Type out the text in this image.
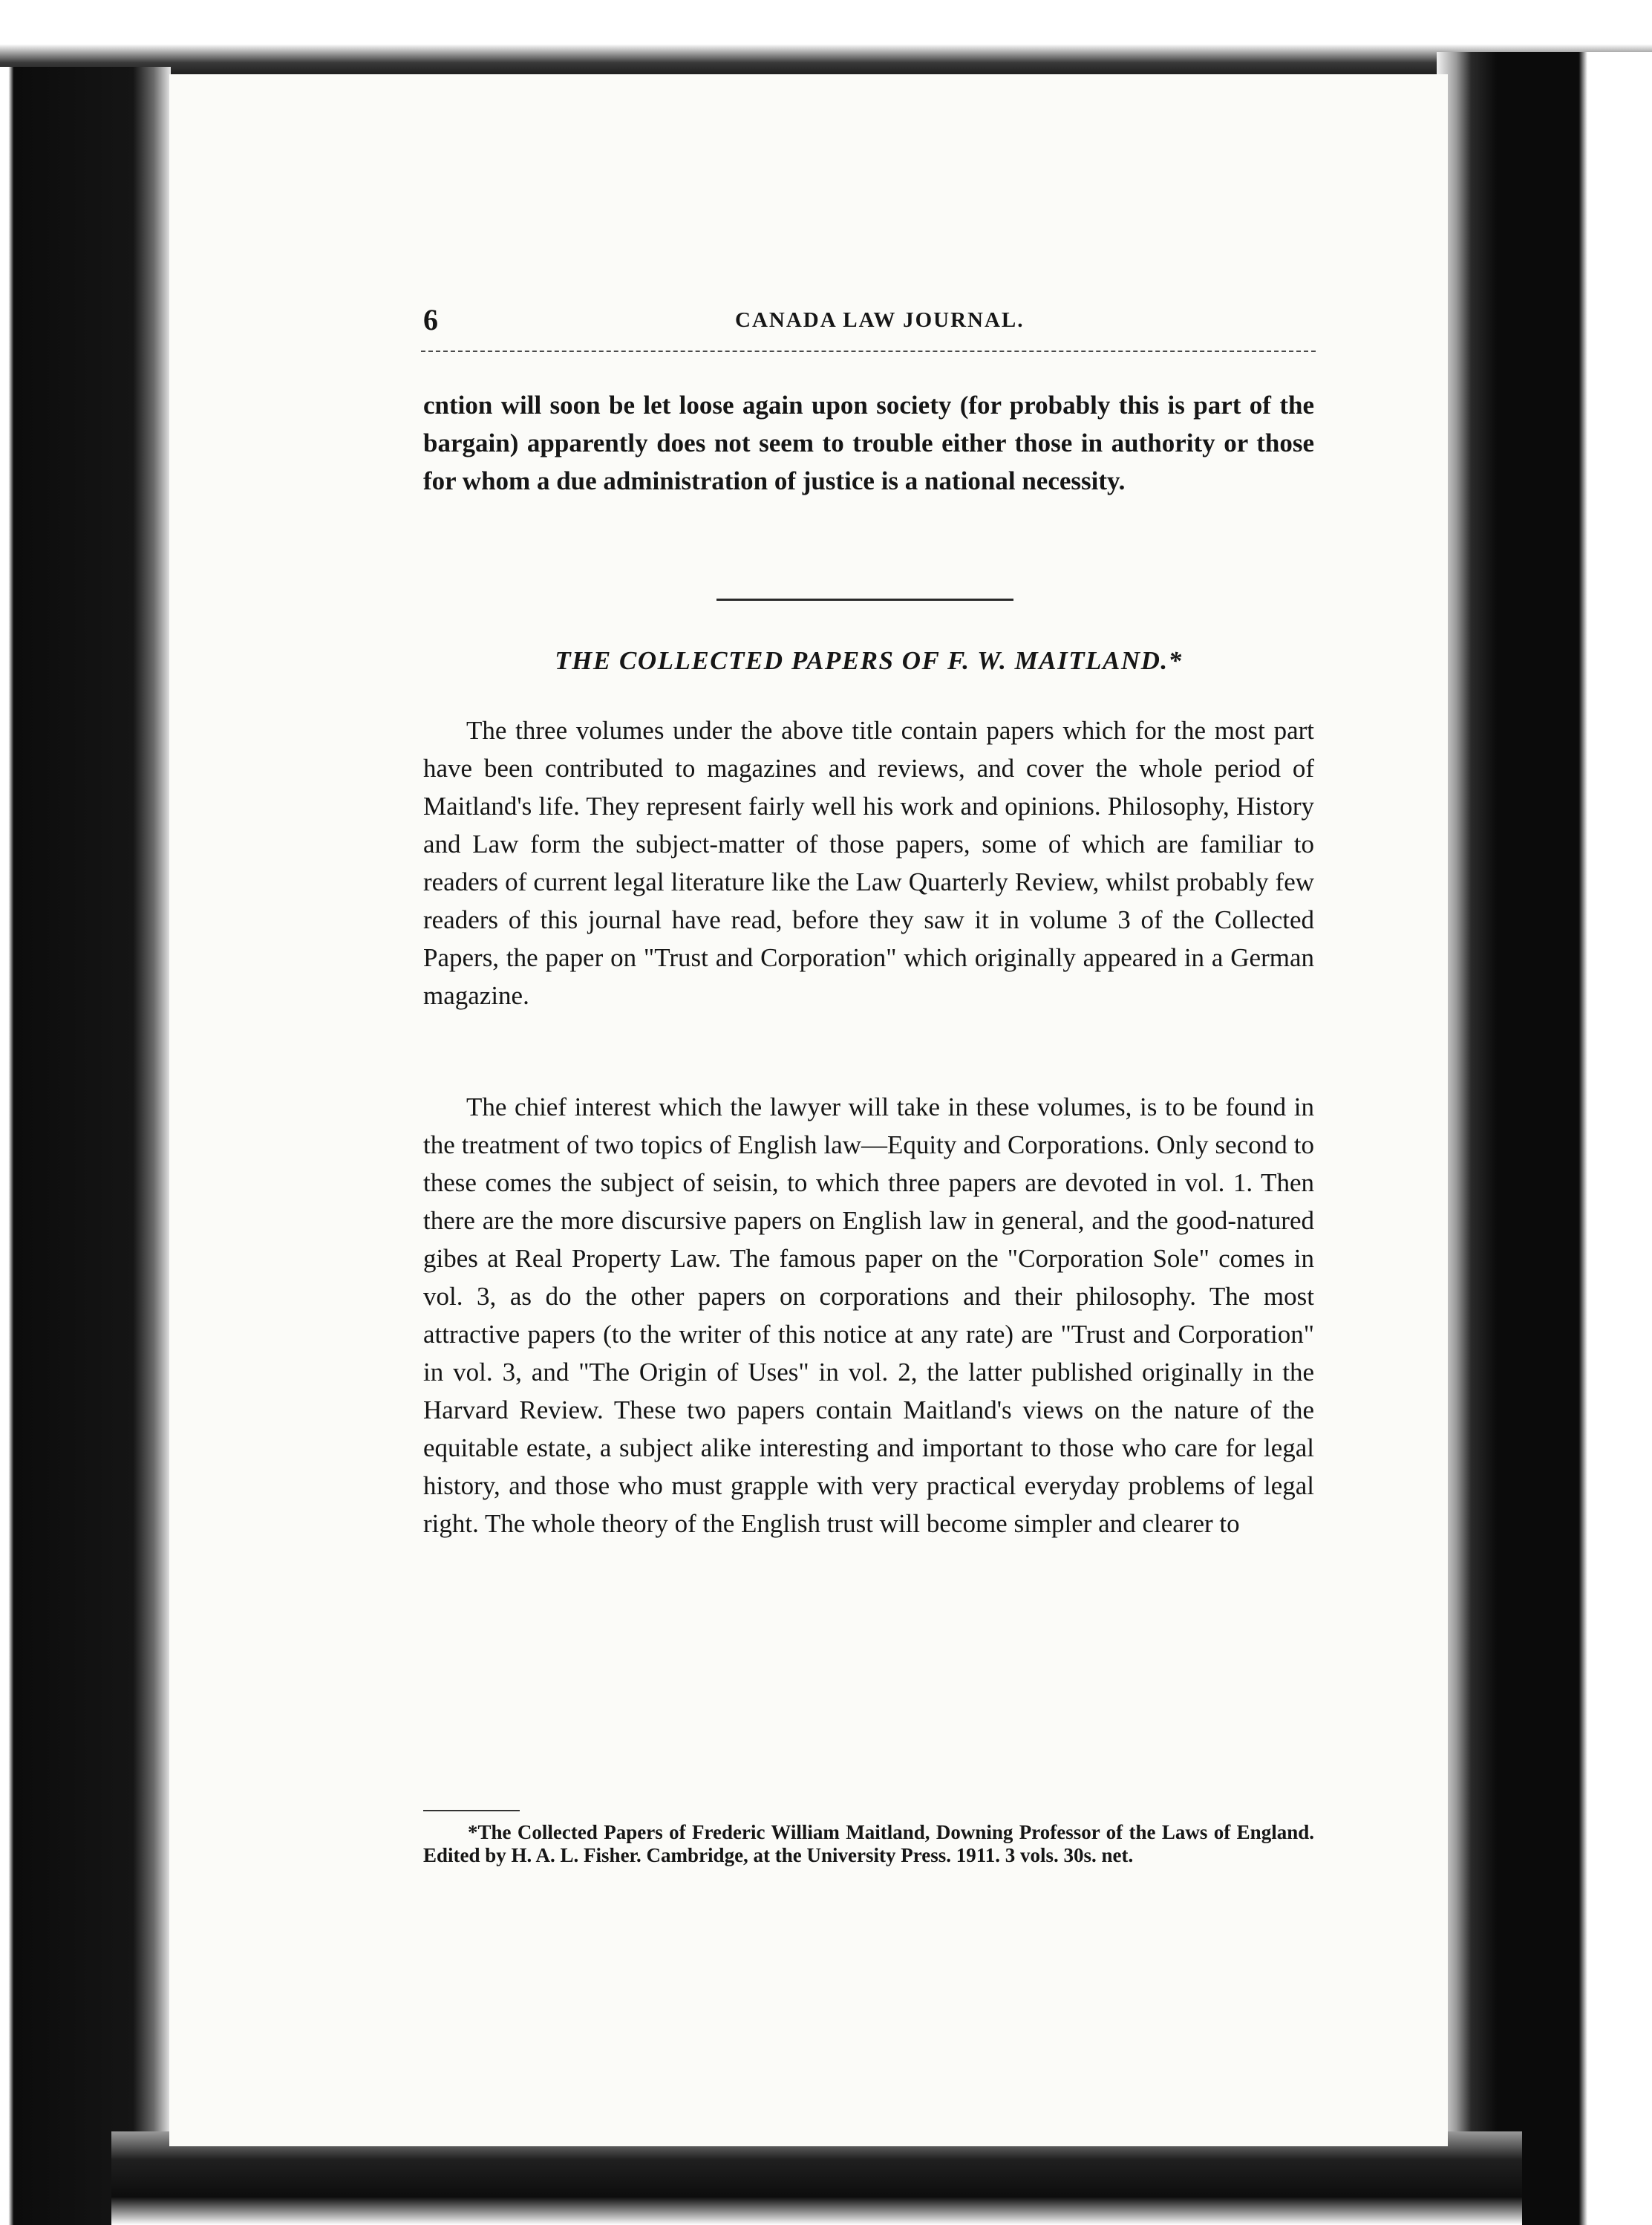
6	CANADA LAW JOURNAL.

cntion will soon be let loose again upon society (for probably this is part of the bargain) apparently does not seem to trouble either those in authority or those for whom a due administration of justice is a national necessity.

THE COLLECTED PAPERS OF F. W. MAITLAND.*

The three volumes under the above title contain papers which for the most part have been contributed to magazines and reviews, and cover the whole period of Maitland's life. They represent fairly well his work and opinions. Philosophy, History and Law form the subject-matter of those papers, some of which are familiar to readers of current legal literature like the Law Quarterly Review, whilst probably few readers of this journal have read, before they saw it in volume 3 of the Collected Papers, the paper on "Trust and Corporation" which originally appeared in a German magazine.

The chief interest which the lawyer will take in these volumes, is to be found in the treatment of two topics of English law—Equity and Corporations. Only second to these comes the subject of seisin, to which three papers are devoted in vol. 1. Then there are the more discursive papers on English law in general, and the good-natured gibes at Real Property Law. The famous paper on the "Corporation Sole" comes in vol. 3, as do the other papers on corporations and their philosophy. The most attractive papers (to the writer of this notice at any rate) are "Trust and Corporation" in vol. 3, and "The Origin of Uses" in vol. 2, the latter published originally in the Harvard Review. These two papers contain Maitland's views on the nature of the equitable estate, a subject alike interesting and important to those who care for legal history, and those who must grapple with very practical everyday problems of legal right. The whole theory of the English trust will become simpler and clearer to

*The Collected Papers of Frederic William Maitland, Downing Professor of the Laws of England. Edited by H. A. L. Fisher. Cambridge, at the University Press. 1911. 3 vols. 30s. net.
